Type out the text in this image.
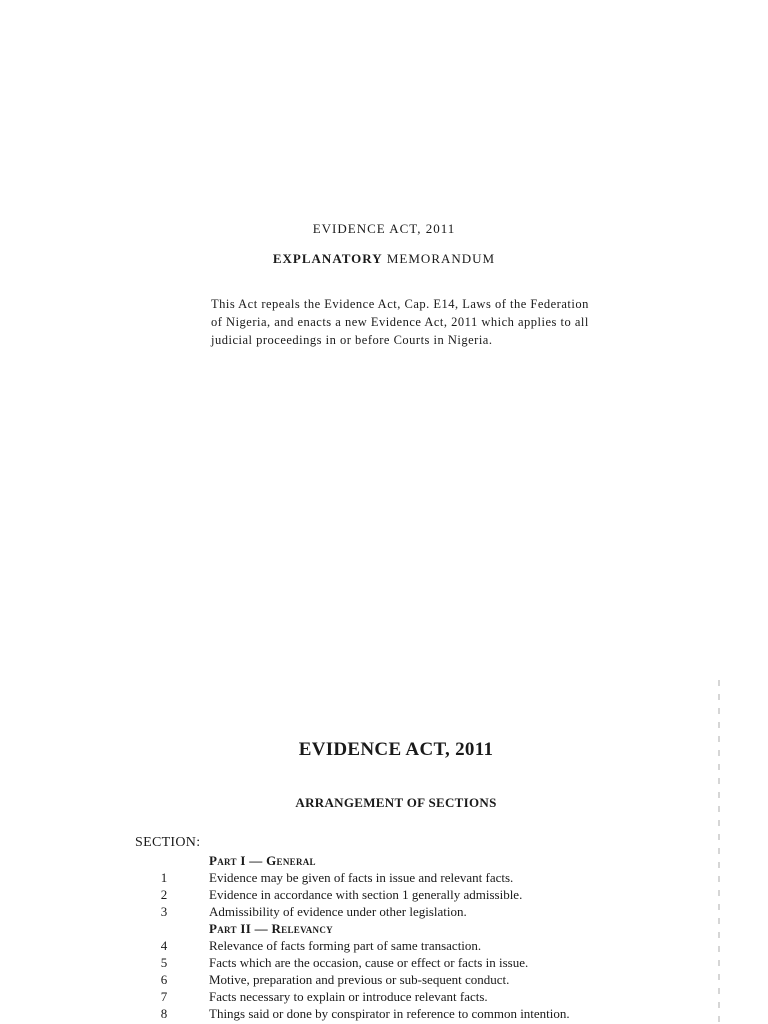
EVIDENCE ACT, 2011
EXPLANATORY MEMORANDUM

This Act repeals the Evidence Act, Cap. E14, Laws of the Federation
of Nigeria, and enacts a new Evidence Act, 2011 which applies to all
judicial proceedings in or before Courts in Nigeria.

EVIDENCE ACT, 2011
ARRANGEMENT OF SECTIONS
SECTION:
Part I — General
1	Evidence may be given of facts in issue and relevant facts.
2	Evidence in accordance with section 1 generally admissible.
3	Admissibility of evidence under other legislation.
Part II — Relevancy
4	Relevance of facts forming part of same transaction.
5	Facts which are the occasion, cause or effect or facts in issue.
6	Motive, preparation and previous or sub-sequent conduct.
7	Facts necessary to explain or introduce relevant facts.
8	Things said or done by conspirator in reference to common intention.
